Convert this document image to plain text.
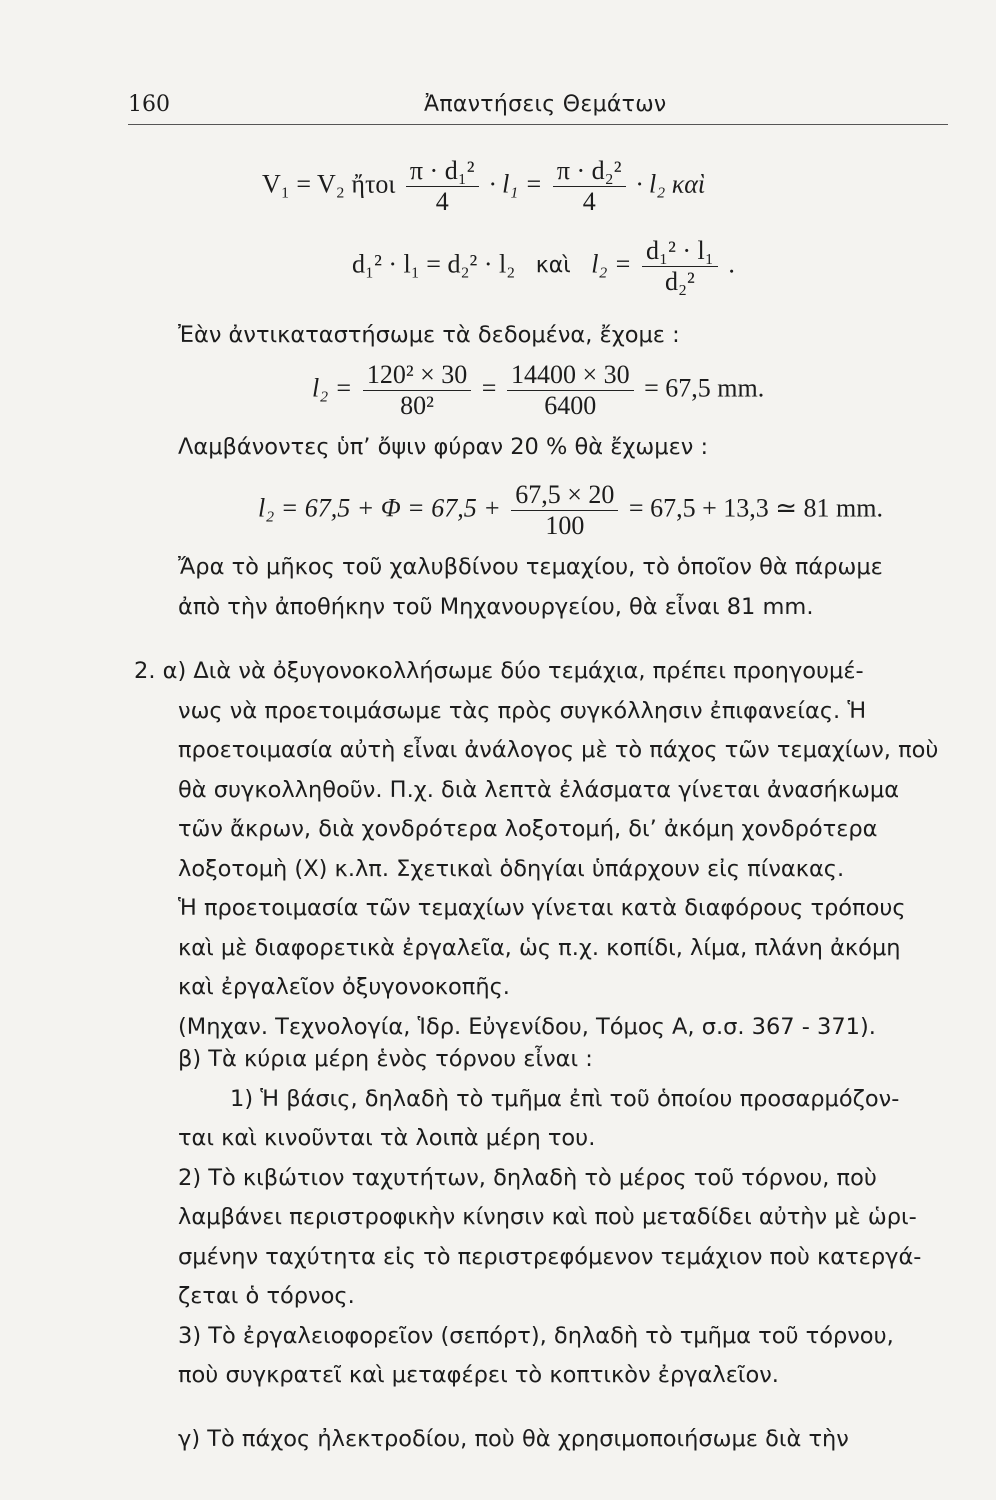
160	Ἀπαντήσεις Θεμάτων
V₁ = V₂ ἤτοι $\frac{\text{π · d₁²}}{4} \cdot l_1 = \frac{\text{π · d₂²}}{4} \cdot l_2$ καὶ
d₁² · l₁ = d₂² · l₂ καὶ $l_2 = \frac{\text{d₁² · l₁}}{\text{d₂²}}$ .
Ἐὰν ἀντικαταστήσωμε τὰ δεδομένα, ἔχομε :
$l_2 = \frac{\text{120² × 30}}{\text{80²}} = \frac{14400 \times 30}{6400} = 67,5$ mm.
Λαμβάνοντες ὑπ’ ὄψιν φύραν 20 % θὰ ἔχωμεν :
$l_2 = 67,5 + \Phi = 67,5 + \frac{67,5 \times 20}{100} = 67,5 + 13,3$ ≃ 81 mm.
Ἄρα τὸ μῆκος τοῦ χαλυβδίνου τεμαχίου, τὸ ὁποῖον θὰ πάρωμε
ἀπὸ τὴν ἀποθήκην τοῦ Μηχανουργείου, θὰ εἶναι 81 mm.
2. α) Διὰ νὰ ὀξυγονοκολλήσωμε δύο τεμάχια, πρέπει προηγουμέ-
νως νὰ προετοιμάσωμε τὰς πρὸς συγκόλλησιν ἐπιφανείας. Ἡ
προετοιμασία αὐτὴ εἶναι ἀνάλογος μὲ τὸ πάχος τῶν τεμαχίων, ποὺ
θὰ συγκολληθοῦν. Π.χ. διὰ λεπτὰ ἐλάσματα γίνεται ἀνασήκωμα
τῶν ἄκρων, διὰ χονδρότερα λοξοτομή, δι’ ἀκόμη χονδρότερα
λοξοτομὴ (X) κ.λπ. Σχετικαὶ ὁδηγίαι ὑπάρχουν εἰς πίνακας.
Ἡ προετοιμασία τῶν τεμαχίων γίνεται κατὰ διαφόρους τρόπους
καὶ μὲ διαφορετικὰ ἐργαλεῖα, ὡς π.χ. κοπίδι, λίμα, πλάνη ἀκόμη
καὶ ἐργαλεῖον ὀξυγονοκοπῆς.
(Μηχαν. Τεχνολογία, Ἱδρ. Εὐγενίδου, Τόμος Α, σ.σ. 367 - 371).
β) Τὰ κύρια μέρη ἑνὸς τόρνου εἶναι :
1) Ἡ βάσις, δηλαδὴ τὸ τμῆμα ἐπὶ τοῦ ὁποίου προσαρμόζον-
ται καὶ κινοῦνται τὰ λοιπὰ μέρη του.
2) Τὸ κιβώτιον ταχυτήτων, δηλαδὴ τὸ μέρος τοῦ τόρνου, ποὺ
λαμβάνει περιστροφικὴν κίνησιν καὶ ποὺ μεταδίδει αὐτὴν μὲ ὡρι-
σμένην ταχύτητα εἰς τὸ περιστρεφόμενον τεμάχιον ποὺ κατεργά-
ζεται ὁ τόρνος.
3) Τὸ ἐργαλειοφορεῖον (σεπόρτ), δηλαδὴ τὸ τμῆμα τοῦ τόρνου,
ποὺ συγκρατεῖ καὶ μεταφέρει τὸ κοπτικὸν ἐργαλεῖον.
γ) Τὸ πάχος ἠλεκτροδίου, ποὺ θὰ χρησιμοποιήσωμε διὰ τὴν
